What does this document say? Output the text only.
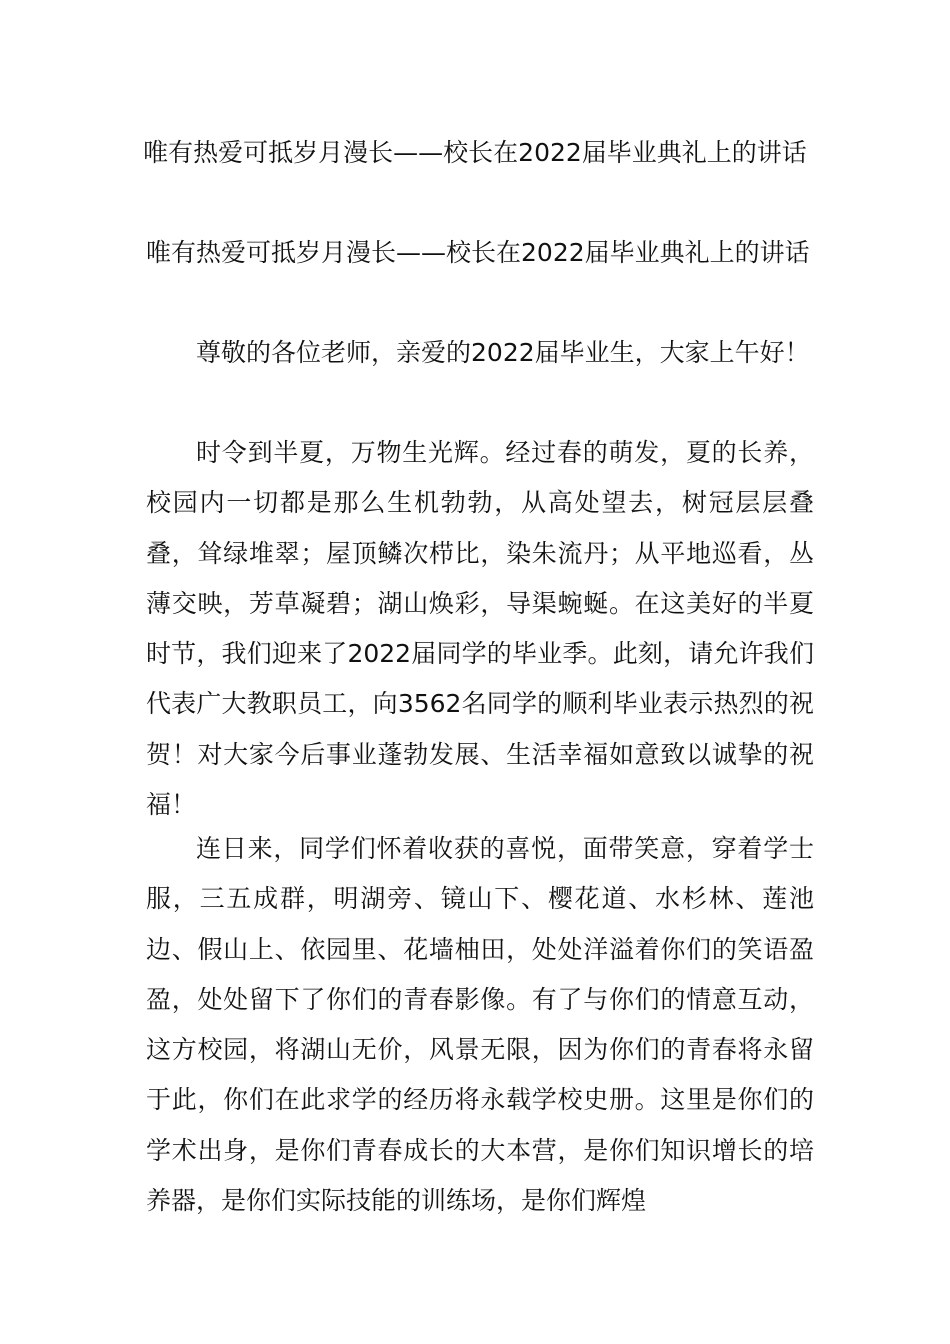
唯有热爱可抵岁月漫长——校长在2022届毕业典礼上的讲话

唯有热爱可抵岁月漫长——校长在2022届毕业典礼上的讲话

尊敬的各位老师，亲爱的2022届毕业生，大家上午好！

时令到半夏，万物生光辉。经过春的萌发，夏的长养，校园内一切都是那么生机勃勃，从高处望去，树冠层层叠叠，耸绿堆翠；屋顶鳞次栉比，染朱流丹；从平地巡看，丛薄交映，芳草凝碧；湖山焕彩，导渠蜿蜒。在这美好的半夏时节，我们迎来了2022届同学的毕业季。此刻，请允许我们代表广大教职员工，向3562名同学的顺利毕业表示热烈的祝贺！对大家今后事业蓬勃发展、生活幸福如意致以诚挚的祝福！

连日来，同学们怀着收获的喜悦，面带笑意，穿着学士服，三五成群，明湖旁、镜山下、樱花道、水杉林、莲池边、假山上、依园里、花墙柚田，处处洋溢着你们的笑语盈盈，处处留下了你们的青春影像。有了与你们的情意互动，这方校园，将湖山无价，风景无限，因为你们的青春将永留于此，你们在此求学的经历将永载学校史册。这里是你们的学术出身，是你们青春成长的大本营，是你们知识增长的培养器，是你们实际技能的训练场，是你们辉煌
